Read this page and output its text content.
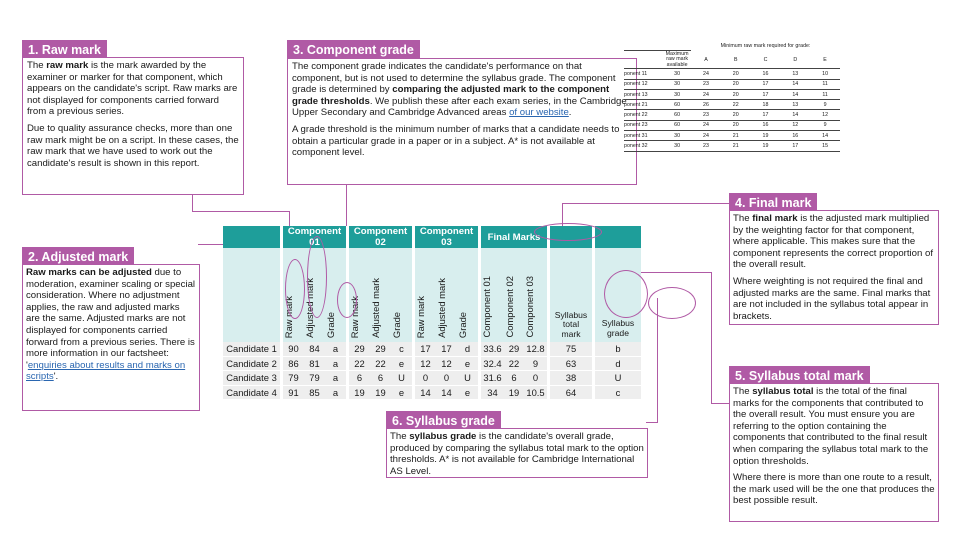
1. Raw mark

The raw mark is the mark awarded by the examiner or marker for that component, which appears on the candidate's script. Raw marks are not displayed for components carried forward from a previous series.

Due to quality assurance checks, more than one raw mark might be on a script. In these cases, the raw mark that we have used to work out the candidate's result is shown in this report.

3. Component grade

The component grade indicates the candidate's performance on that component, but is not used to determine the syllabus grade. The component grade is determined by comparing the adjusted mark to the component grade thresholds. We publish these after each exam series, in the Cambridge Upper Secondary and Cambridge Advanced areas of our website.

A grade threshold is the minimum number of marks that a candidate needs to obtain a particular grade in a paper or in a subject. A* is not available at component level.

		Minimum raw mark required for grade:				
	Maximum raw mark available	A	B	C	D	E
ponent 11	30	24	20	16	13	10
ponent 12	30	23	20	17	14	11
ponent 13	30	24	20	17	14	11
ponent 21	60	26	22	18	13	9
ponent 22	60	23	20	17	14	12
ponent 23	60	24	20	16	12	9
ponent 31	30	24	21	19	16	14
ponent 32	30	23	21	19	17	15
2. Adjusted mark

Raw marks can be adjusted due to moderation, examiner scaling or special consideration. Where no adjustment applies, the raw and adjusted marks are the same. Adjusted marks are not displayed for components carried forward from a previous series. There is more information in our factsheet: 'enquiries about results and marks on scripts'.

	Component 01			Component 02			Component 03			Final Marks				

	Raw mark	Adjusted mark	Grade	Raw mark	Adjusted mark	Grade	Raw mark	Adjusted mark	Grade	Component 01	Component 02	Component 03	Syllabus total mark	Syllabus grade
Candidate 1	90	84	a	29	29	c	17	17	d	33.6	29	12.8	75	b
Candidate 2	86	81	a	22	22	e	12	12	e	32.4	22	9	63	d
Candidate 3	79	79	a	6	6	U	0	0	U	31.6	6	0	38	U
Candidate 4	91	85	a	19	19	e	14	14	e	34	19	10.5	64	c
4. Final mark

The final mark is the adjusted mark multiplied by the weighting factor for that component, where applicable. This makes sure that the component represents the correct proportion of the overall result.

Where weighting is not required the final and adjusted marks are the same. Final marks that are not included in the syllabus total appear in brackets.

5. Syllabus total mark

The syllabus total is the total of the final marks for the components that contributed to the overall result. You must ensure you are referring to the option containing the components that contributed to the final result when comparing the syllabus total mark to the option thresholds.

Where there is more than one route to a result, the mark used will be the one that produces the best possible result.

6. Syllabus grade

The syllabus grade is the candidate's overall grade, produced by comparing the syllabus total mark to the option thresholds. A* is not available for Cambridge International AS Level.
